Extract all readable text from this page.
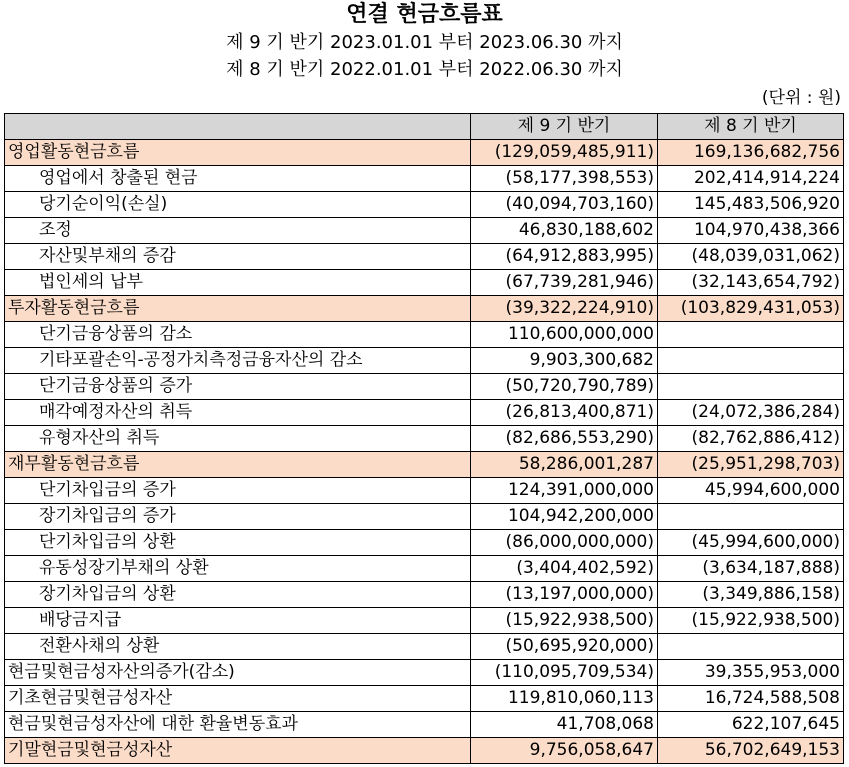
연결 현금흐름표
제 9 기 반기 2023.01.01 부터 2023.06.30 까지
제 8 기 반기 2022.01.01 부터 2022.06.30 까지
(단위 : 원)
	제 9 기 반기	제 8 기 반기
영업활동현금흐름	(129,059,485,911)	169,136,682,756
영업에서 창출된 현금	(58,177,398,553)	202,414,914,224
당기순이익(손실)	(40,094,703,160)	145,483,506,920
조정	46,830,188,602	104,970,438,366
자산및부채의 증감	(64,912,883,995)	(48,039,031,062)
법인세의 납부	(67,739,281,946)	(32,143,654,792)
투자활동현금흐름	(39,322,224,910)	(103,829,431,053)
단기금융상품의 감소	110,600,000,000	
기타포괄손익-공정가치측정금융자산의 감소	9,903,300,682	
단기금융상품의 증가	(50,720,790,789)	
매각예정자산의 취득	(26,813,400,871)	(24,072,386,284)
유형자산의 취득	(82,686,553,290)	(82,762,886,412)
재무활동현금흐름	58,286,001,287	(25,951,298,703)
단기차입금의 증가	124,391,000,000	45,994,600,000
장기차입금의 증가	104,942,200,000	
단기차입금의 상환	(86,000,000,000)	(45,994,600,000)
유동성장기부채의 상환	(3,404,402,592)	(3,634,187,888)
장기차입금의 상환	(13,197,000,000)	(3,349,886,158)
배당금지급	(15,922,938,500)	(15,922,938,500)
전환사채의 상환	(50,695,920,000)	
현금및현금성자산의증가(감소)	(110,095,709,534)	39,355,953,000
기초현금및현금성자산	119,810,060,113	16,724,588,508
현금및현금성자산에 대한 환율변동효과	41,708,068	622,107,645
기말현금및현금성자산	9,756,058,647	56,702,649,153
